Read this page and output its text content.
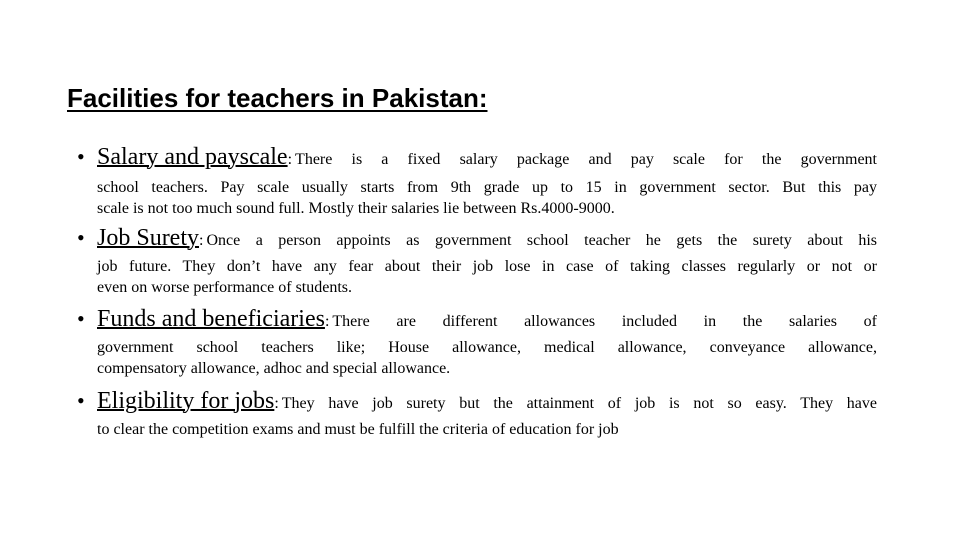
Facilities for teachers in Pakistan:
• Salary and payscale : There is a fixed salary package and pay scale for the government
school teachers. Pay scale usually starts from 9th grade up to 15 in government sector. But this pay
scale is not too much sound full. Mostly their salaries lie between Rs.4000-9000.
• Job Surety : Once a person appoints as government school teacher he gets the surety about his
job future. They don’t have any fear about their job lose in case of taking classes regularly or not or
even on worse performance of students.
• Funds and beneficiaries : There are different allowances included in the salaries of
government school teachers like; House allowance, medical allowance, conveyance allowance,
compensatory allowance, adhoc and special allowance.
• Eligibility for jobs : They have job surety but the attainment of job is not so easy. They have
to clear the competition exams and must be fulfill the criteria of education for job
